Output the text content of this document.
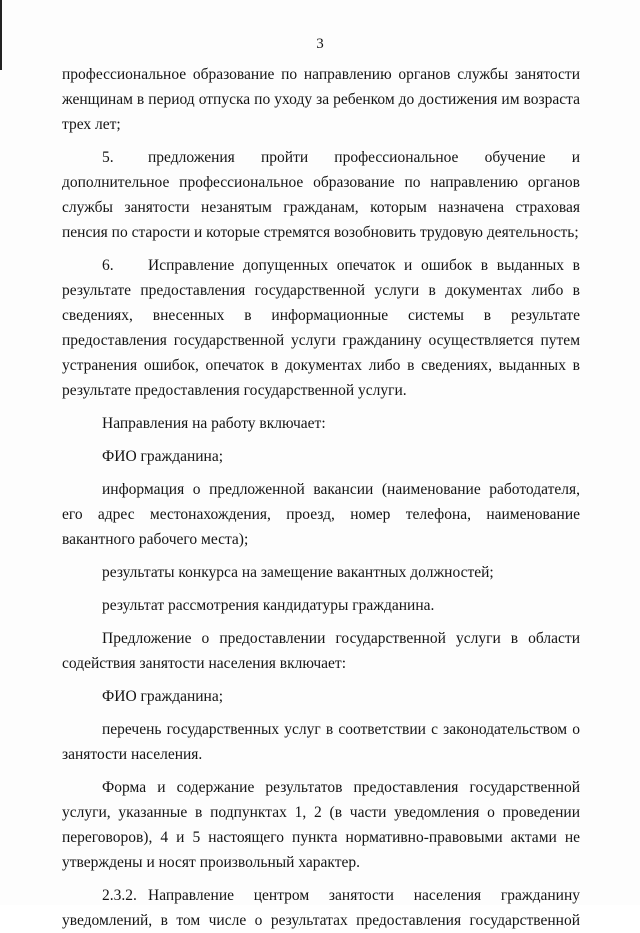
3

профессиональное образование по направлению органов службы занятости женщинам в период отпуска по уходу за ребенком до достижения им возраста трех лет;

5. предложения пройти профессиональное обучение и дополнительное профессиональное образование по направлению органов службы занятости незанятым гражданам, которым назначена страховая пенсия по старости и которые стремятся возобновить трудовую деятельность;

6. Исправление допущенных опечаток и ошибок в выданных в результате предоставления государственной услуги в документах либо в сведениях, внесенных в информационные системы в результате предоставления государственной услуги гражданину осуществляется путем устранения ошибок, опечаток в документах либо в сведениях, выданных в результате предоставления государственной услуги.

Направления на работу включает:

ФИО гражданина;

информация о предложенной вакансии (наименование работодателя, его адрес местонахождения, проезд, номер телефона, наименование вакантного рабочего места);

результаты конкурса на замещение вакантных должностей;

результат рассмотрения кандидатуры гражданина.

Предложение о предоставлении государственной услуги в области содействия занятости населения включает:

ФИО гражданина;

перечень государственных услуг в соответствии с законодательством о занятости населения.

Форма и содержание результатов предоставления государственной услуги, указанные в подпунктах 1, 2 (в части уведомления о проведении переговоров), 4 и 5 настоящего пункта нормативно-правовыми актами не утверждены и носят произвольный характер.

2.3.2. Направление центром занятости населения гражданину уведомлений, в том числе о результатах предоставления государственной
